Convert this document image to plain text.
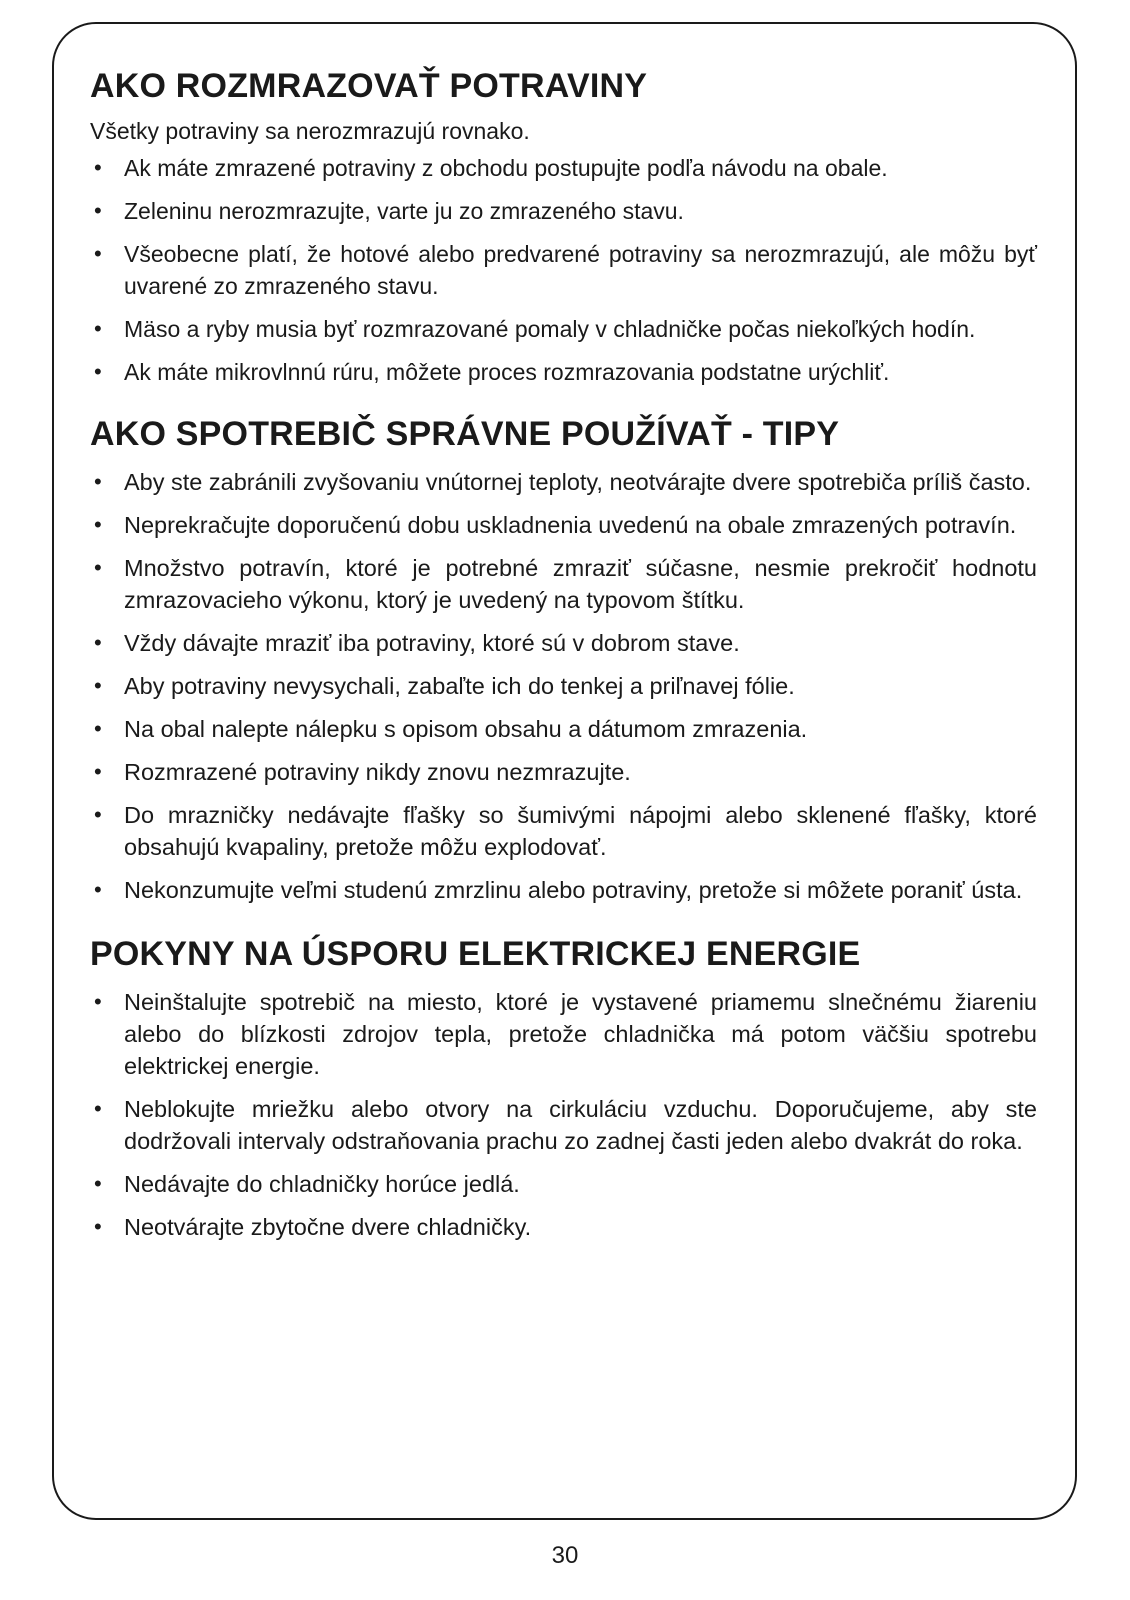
AKO ROZMRAZOVAŤ POTRAVINY

Všetky potraviny sa nerozmrazujú rovnako.

• Ak máte zmrazené potraviny z obchodu postupujte podľa návodu na obale.
• Zeleninu nerozmrazujte, varte ju zo zmrazeného stavu.
• Všeobecne platí, že hotové alebo predvarené potraviny sa nerozmrazujú, ale môžu byť uvarené zo zmrazeného stavu.
• Mäso a ryby musia byť rozmrazované pomaly v chladničke počas niekoľkých hodín.
• Ak máte mikrovlnnú rúru, môžete proces rozmrazovania podstatne urýchliť.
AKO SPOTREBIČ SPRÁVNE POUŽÍVAŤ - TIPY
• Aby ste zabránili zvyšovaniu vnútornej teploty, neotvárajte dvere spotrebiča príliš často.
• Neprekračujte doporučenú dobu uskladnenia uvedenú na obale zmrazených potravín.
• Množstvo potravín, ktoré je potrebné zmraziť súčasne, nesmie prekročiť hodnotu zmrazovacieho výkonu, ktorý je uvedený na typovom štítku.
• Vždy dávajte mraziť iba potraviny, ktoré sú v dobrom stave.
• Aby potraviny nevysychali, zabaľte ich do tenkej a priľnavej fólie.
• Na obal nalepte nálepku s opisom obsahu a dátumom zmrazenia.
• Rozmrazené potraviny nikdy znovu nezmrazujte.
• Do mrazničky nedávajte fľašky so šumivými nápojmi alebo sklenené fľašky, ktoré obsahujú kvapaliny, pretože môžu explodovať.
• Nekonzumujte veľmi studenú zmrzlinu alebo potraviny, pretože si môžete poraniť ústa.
POKYNY NA ÚSPORU ELEKTRICKEJ ENERGIE
• Neinštalujte spotrebič na miesto, ktoré je vystavené priamemu slnečnému žiareniu alebo do blízkosti zdrojov tepla, pretože chladnička má potom väčšiu spotrebu elektrickej energie.
• Neblokujte mriežku alebo otvory na cirkuláciu vzduchu. Doporučujeme, aby ste dodržovali intervaly odstraňovania prachu zo zadnej časti jeden alebo dvakrát do roka.
• Nedávajte do chladničky horúce jedlá.
• Neotvárajte zbytočne dvere chladničky.
30
